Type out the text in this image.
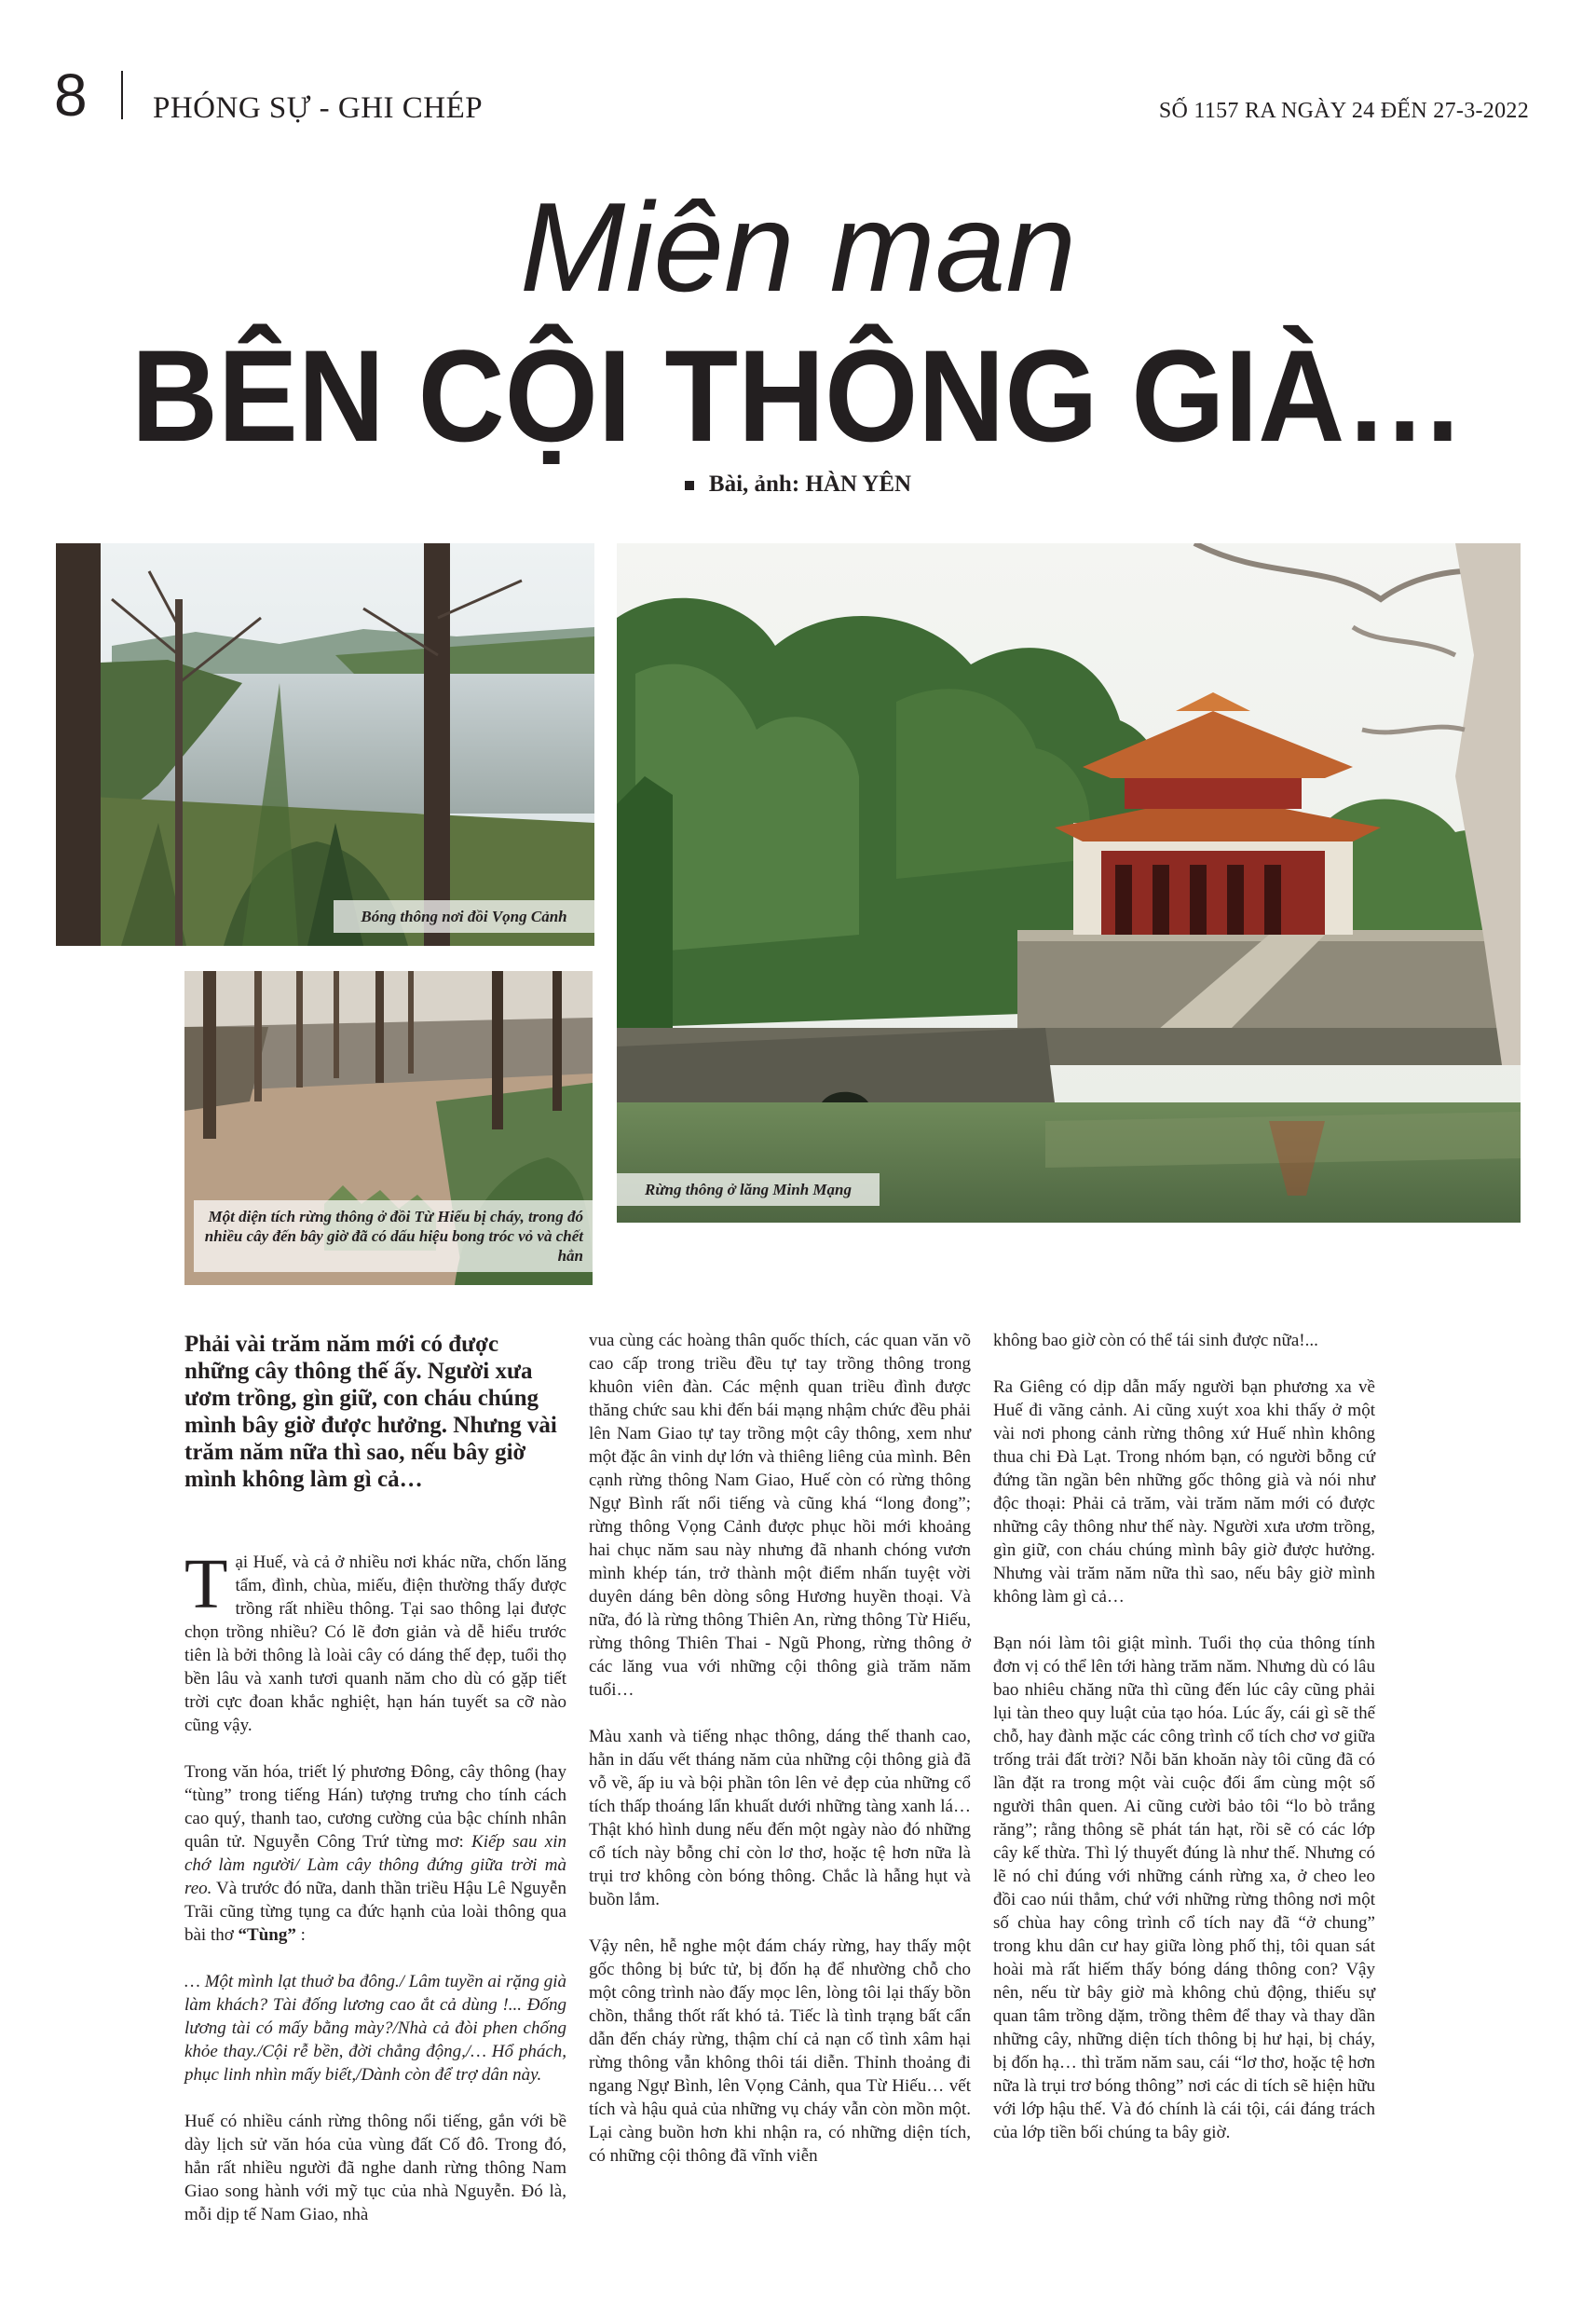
8 PHÓNG SỰ - GHI CHÉP	SỐ 1157 RA NGÀY 24 ĐẾN 27-3-2022
Miên man
BÊN CỘI THÔNG GIÀ…
Bài, ảnh: HÀN YÊN
Bóng thông nơi đồi Vọng Cảnh
Một diện tích rừng thông ở đồi Từ Hiếu bị cháy, trong đó nhiều cây đến bây giờ đã có dấu hiệu bong tróc vỏ và chết hẳn
Rừng thông ở lăng Minh Mạng

Phải vài trăm năm mới có được những cây thông thế ấy. Người xưa ươm trồng, gìn giữ, con cháu chúng mình bây giờ được hưởng. Nhưng vài trăm năm nữa thì sao, nếu bây giờ mình không làm gì cả…

Tại Huế, và cả ở nhiều nơi khác nữa, chốn lăng tẩm, đình, chùa, miếu, điện thường thấy được trồng rất nhiều thông. Tại sao thông lại được chọn trồng nhiều? Có lẽ đơn giản và dễ hiểu trước tiên là bởi thông là loài cây có dáng thế đẹp, tuổi thọ bền lâu và xanh tươi quanh năm cho dù có gặp tiết trời cực đoan khắc nghiệt, hạn hán tuyết sa cỡ nào cũng vậy.

Trong văn hóa, triết lý phương Đông, cây thông (hay “tùng” trong tiếng Hán) tượng trưng cho tính cách cao quý, thanh tao, cương cường của bậc chính nhân quân tử. Nguyễn Công Trứ từng mơ: Kiếp sau xin chớ làm người/ Làm cây thông đứng giữa trời mà reo. Và trước đó nữa, danh thần triều Hậu Lê Nguyễn Trãi cũng từng tụng ca đức hạnh của loài thông qua bài thơ “Tùng” :

… Một mình lạt thuở ba đông./ Lâm tuyền ai rặng già làm khách? Tài đống lương cao ắt cả dùng !... Đống lương tài có mấy bằng mày?/Nhà cả đòi phen chống khỏe thay./Cội rễ bền, đời chẳng động,/… Hổ phách, phục linh nhìn mấy biết,/Dành còn để trợ dân này.

Huế có nhiều cánh rừng thông nổi tiếng, gắn với bề dày lịch sử văn hóa của vùng đất Cố đô. Trong đó, hẳn rất nhiều người đã nghe danh rừng thông Nam Giao song hành với mỹ tục của nhà Nguyễn. Đó là, mỗi dịp tế Nam Giao, nhà

vua cùng các hoàng thân quốc thích, các quan văn võ cao cấp trong triều đều tự tay trồng thông trong khuôn viên đàn. Các mệnh quan triều đình được thăng chức sau khi đến bái mạng nhậm chức đều phải lên Nam Giao tự tay trồng một cây thông, xem như một đặc ân vinh dự lớn và thiêng liêng của mình. Bên cạnh rừng thông Nam Giao, Huế còn có rừng thông Ngự Bình rất nổi tiếng và cũng khá “long đong”; rừng thông Vọng Cảnh được phục hồi mới khoảng hai chục năm sau này nhưng đã nhanh chóng vươn mình khép tán, trở thành một điểm nhấn tuyệt vời duyên dáng bên dòng sông Hương huyền thoại. Và nữa, đó là rừng thông Thiên An, rừng thông Từ Hiếu, rừng thông Thiên Thai - Ngũ Phong, rừng thông ở các lăng vua với những cội thông già trăm năm tuổi…

Màu xanh và tiếng nhạc thông, dáng thế thanh cao, hằn in dấu vết tháng năm của những cội thông già đã vỗ về, ấp iu và bội phần tôn lên vẻ đẹp của những cổ tích thấp thoáng lẩn khuất dưới những tàng xanh lá… Thật khó hình dung nếu đến một ngày nào đó những cổ tích này bỗng chỉ còn lơ thơ, hoặc tệ hơn nữa là trụi trơ không còn bóng thông. Chắc là hẫng hụt và buồn lắm.

Vậy nên, hễ nghe một đám cháy rừng, hay thấy một gốc thông bị bức tử, bị đốn hạ để nhường chỗ cho một công trình nào đấy mọc lên, lòng tôi lại thấy bồn chồn, thắng thốt rất khó tả. Tiếc là tình trạng bất cẩn dẫn đến cháy rừng, thậm chí cả nạn cố tình xâm hại rừng thông vẫn không thôi tái diễn. Thỉnh thoảng đi ngang Ngự Bình, lên Vọng Cảnh, qua Từ Hiếu… vết tích và hậu quả của những vụ cháy vẫn còn mồn một. Lại càng buồn hơn khi nhận ra, có những diện tích, có những cội thông đã vĩnh viễn

không bao giờ còn có thể tái sinh được nữa!...

Ra Giêng có dịp dẫn mấy người bạn phương xa về Huế đi vãng cảnh. Ai cũng xuýt xoa khi thấy ở một vài nơi phong cảnh rừng thông xứ Huế nhìn không thua chi Đà Lạt. Trong nhóm bạn, có người bỗng cứ đứng tần ngần bên những gốc thông già và nói như độc thoại: Phải cả trăm, vài trăm năm mới có được những cây thông như thế này. Người xưa ươm trồng, gìn giữ, con cháu chúng mình bây giờ được hưởng. Nhưng vài trăm năm nữa thì sao, nếu bây giờ mình không làm gì cả…

Bạn nói làm tôi giật mình. Tuổi thọ của thông tính đơn vị có thể lên tới hàng trăm năm. Nhưng dù có lâu bao nhiêu chăng nữa thì cũng đến lúc cây cũng phải lụi tàn theo quy luật của tạo hóa. Lúc ấy, cái gì sẽ thế chỗ, hay đành mặc các công trình cổ tích chơ vơ giữa trống trải đất trời? Nỗi băn khoăn này tôi cũng đã có lần đặt ra trong một vài cuộc đối ẩm cùng một số người thân quen. Ai cũng cười bảo tôi “lo bò trắng răng”; rằng thông sẽ phát tán hạt, rồi sẽ có các lớp cây kế thừa. Thì lý thuyết đúng là như thế. Nhưng có lẽ nó chỉ đúng với những cánh rừng xa, ở cheo leo đồi cao núi thẳm, chứ với những rừng thông nơi một số chùa hay công trình cổ tích nay đã “ở chung” trong khu dân cư hay giữa lòng phố thị, tôi quan sát hoài mà rất hiếm thấy bóng dáng thông con? Vậy nên, nếu từ bây giờ mà không chủ động, thiếu sự quan tâm trồng dặm, trồng thêm để thay và thay dần những cây, những diện tích thông bị hư hại, bị cháy, bị đốn hạ… thì trăm năm sau, cái “lơ thơ, hoặc tệ hơn nữa là trụi trơ bóng thông” nơi các di tích sẽ hiện hữu với lớp hậu thế. Và đó chính là cái tội, cái đáng trách của lớp tiền bối chúng ta bây giờ.
